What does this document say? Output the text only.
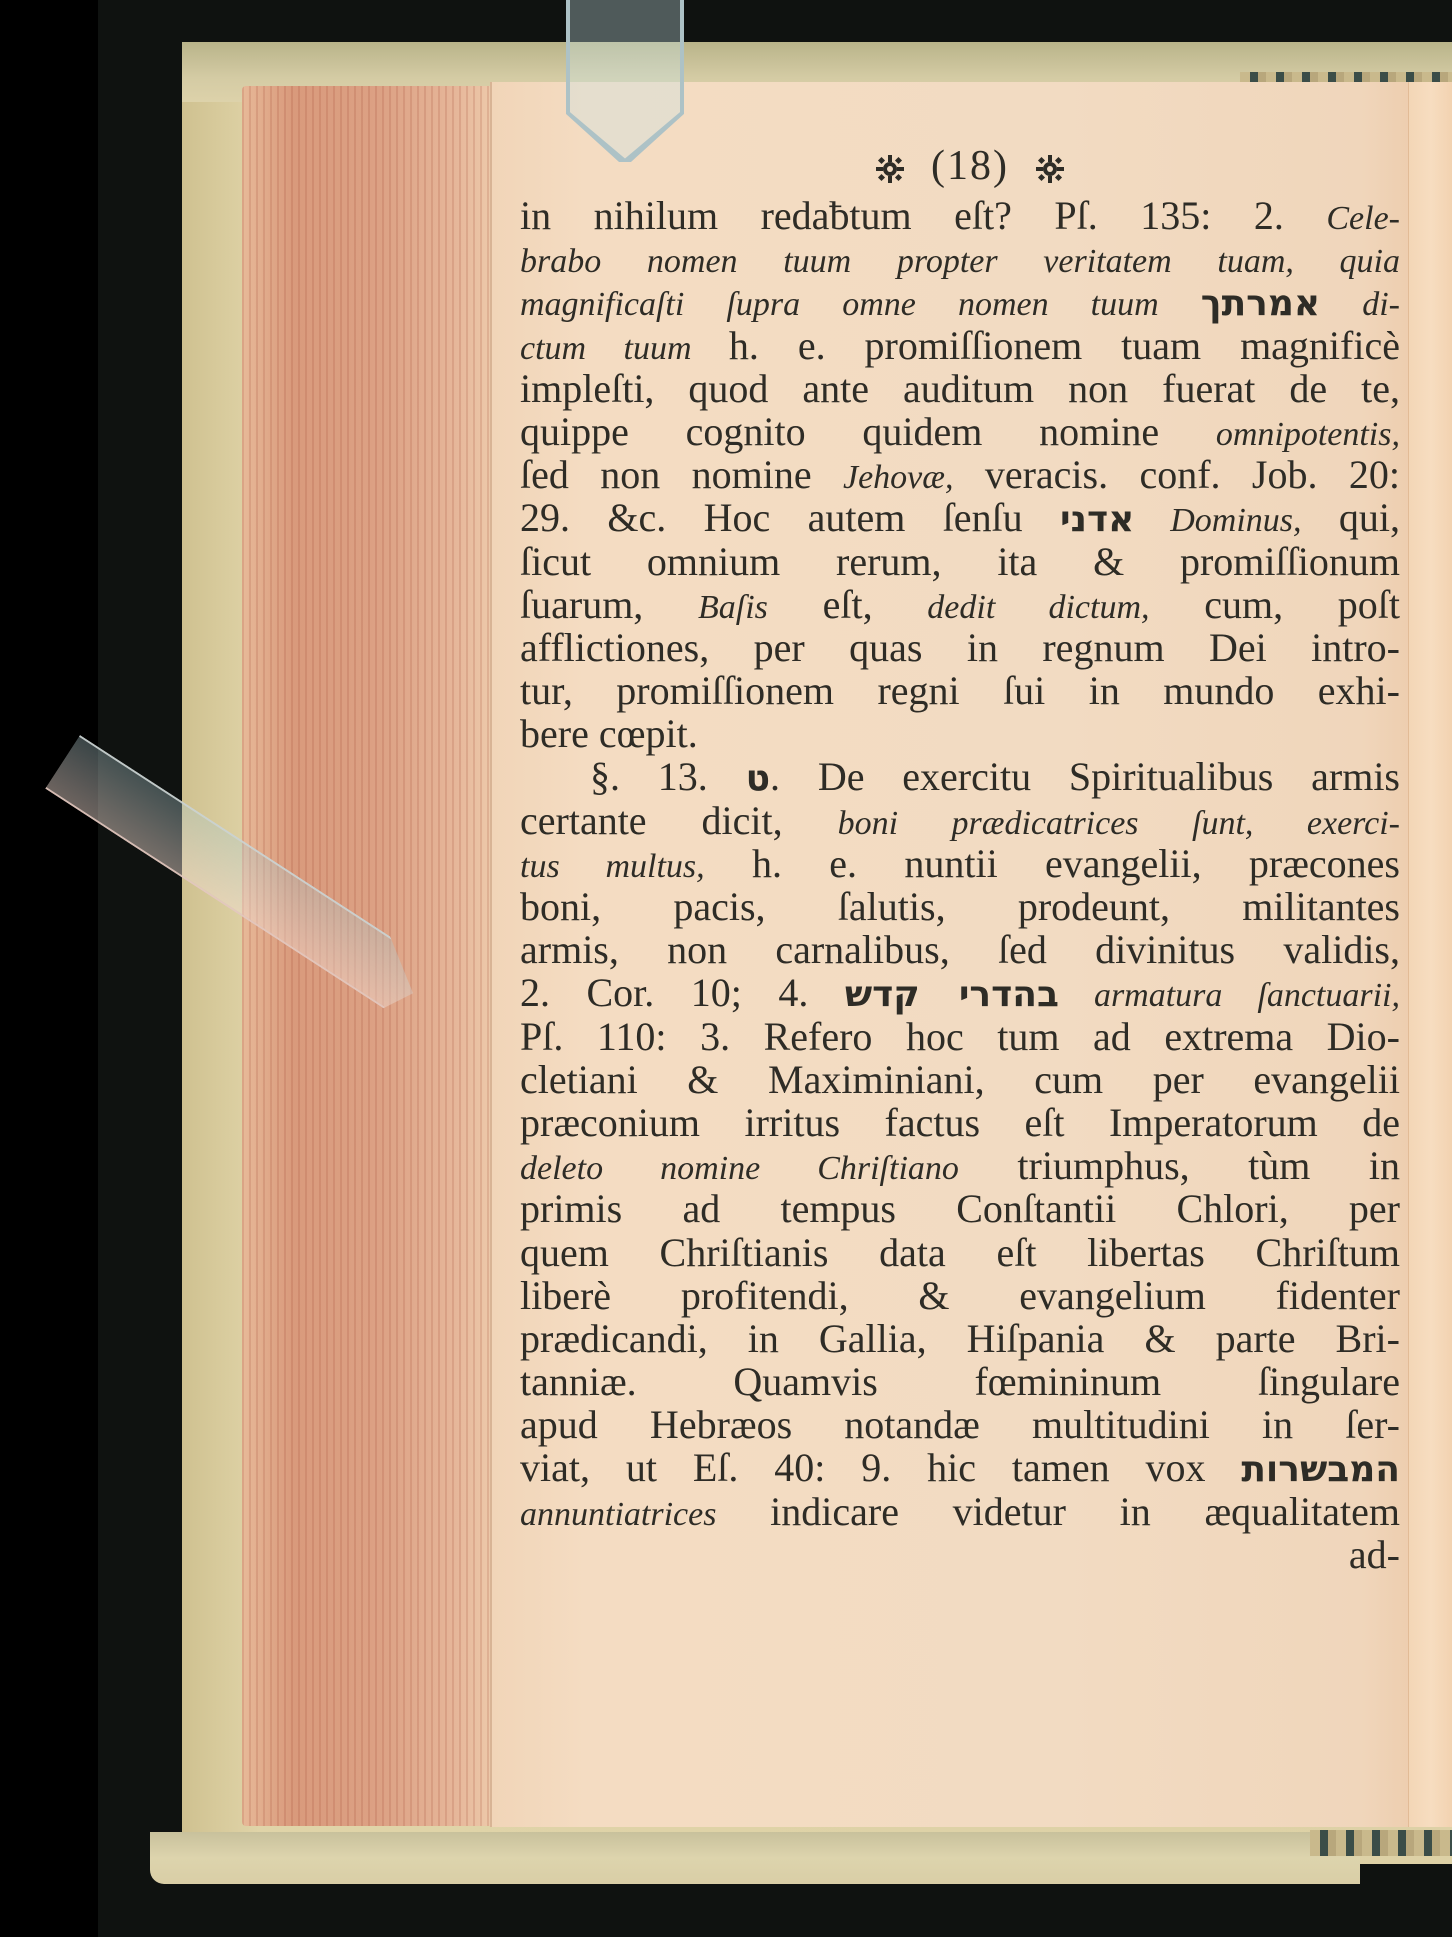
(18)
in nihilum redaƀtum eſt? Pſ. 135: 2. Cele-
brabo nomen tuum propter veritatem tuam, quia
magnificaſti ſupra omne nomen tuum אמרתך di-
ctum tuum h. e. promiſſionem tuam magnificè
impleſti, quod ante auditum non fuerat de te,
quippe cognito quidem nomine omnipotentis,
ſed non nomine Jehovæ, veracis. conf. Job. 20:
29. &c. Hoc autem ſenſu אדני Dominus, qui,
ſicut omnium rerum, ita & promiſſionum
ſuarum, Baſis eſt, dedit dictum, cum, poſt
afflictiones, per quas in regnum Dei intro-
tur, promiſſionem regni ſui in mundo exhi-
bere cœpit.
§. 13. ט. De exercitu Spiritualibus armis
certante dicit, boni prædicatrices ſunt, exerci-
tus multus, h. e. nuntii evangelii, præcones
boni, pacis, ſalutis, prodeunt, militantes
armis, non carnalibus, ſed divinitus validis,
2. Cor. 10; 4. בהדרי קדש armatura ſanctuarii,
Pſ. 110: 3. Refero hoc tum ad extrema Dio-
cletiani & Maximiniani, cum per evangelii
præconium irritus factus eſt Imperatorum de
deleto nomine Chriſtiano triumphus, tùm in
primis ad tempus Conſtantii Chlori, per
quem Chriſtianis data eſt libertas Chriſtum
liberè profitendi, & evangelium fidenter
prædicandi, in Gallia, Hiſpania & parte Bri-
tanniæ. Quamvis fœmininum ſingulare
apud Hebræos notandæ multitudini in ſer-
viat, ut Eſ. 40: 9. hic tamen vox המבשרות
annuntiatrices indicare videtur in æqualitatem
ad-
